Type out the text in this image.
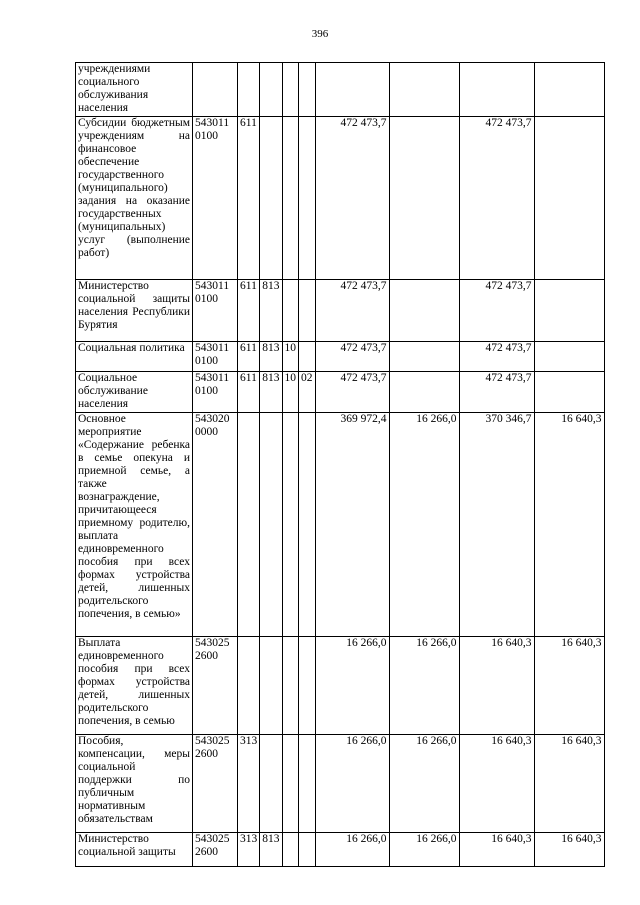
396
учреждениями социального обслуживания населения									
Субсидии бюджетным учреждениям на финансовое обеспечение государственного (муниципального) задания на оказание государственных (муниципальных) услуг (выполнение работ)	543011 0100	611				472 473,7		472 473,7	
Министерство социальной защиты населения Республики Бурятия	543011 0100	611	813			472 473,7		472 473,7	
Социальная политика	543011 0100	611	813	10		472 473,7		472 473,7	
Социальное обслуживание населения	543011 0100	611	813	10	02	472 473,7		472 473,7	
Основное мероприятие «Содержание ребенка в семье опекуна и приемной семье, а также вознаграждение, причитающееся приемному родителю, выплата единовременного пособия при всех формах устройства детей, лишенных родительского попечения, в семью»	543020 0000					369 972,4	16 266,0	370 346,7	16 640,3
Выплата единовременного пособия при всех формах устройства детей, лишенных родительского попечения, в семью	543025 2600					16 266,0	16 266,0	16 640,3	16 640,3
Пособия, компенсации, меры социальной поддержки по публичным нормативным обязательствам	543025 2600	313				16 266,0	16 266,0	16 640,3	16 640,3
Министерство социальной защиты	543025 2600	313	813			16 266,0	16 266,0	16 640,3	16 640,3
